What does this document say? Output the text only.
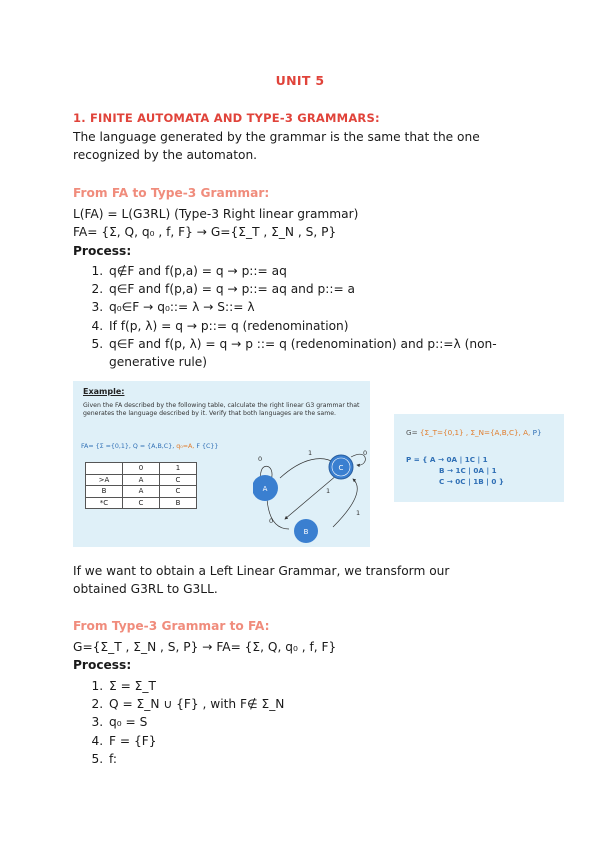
UNIT 5
1. FINITE AUTOMATA AND TYPE-3 GRAMMARS:
The language generated by the grammar is the same that the one
recognized by the automaton.
From FA to Type-3 Grammar:
L(FA) = L(G3RL) (Type-3 Right linear grammar)
FA= {Σ, Q, q₀ , f, F} → G={Σ_T , Σ_N , S, P}
Process:
1. q∉F and f(p,a) = q → p::= aq
2. q∈F and f(p,a) = q → p::= aq and p::= a
3. q₀∈F → q₀::= λ → S::= λ
4. If f(p, λ) = q → p::= q (redenomination)
5. q∈F and f(p, λ) = q → p ::= q (redenomination) and p::=λ (non-generative rule)
Example:
Given the FA described by the following table, calculate the right linear G3 grammar that generates the language described by it. Verify that both languages are the same.
FA= {Σ ={0,1}, Q = {A,B,C}, q₀=A, F {C}}
	0	1
>A	A	C
B	A	C
*C	C	B
A
B
C
0
1	0
1
0
1
G= {Σ_T={0,1} , Σ_N={A,B,C}, A, P}
P = { A → 0A | 1C | 1
B → 1C | 0A | 1
C → 0C | 1B | 0 }
If we want to obtain a Left Linear Grammar, we transform our
obtained G3RL to G3LL.
From Type-3 Grammar to FA:
G={Σ_T , Σ_N , S, P} → FA= {Σ, Q, q₀ , f, F}
Process:
1. Σ = Σ_T
2. Q = Σ_N ∪ {F} , with F∉ Σ_N
3. q₀ = S
4. F = {F}
5. f:
